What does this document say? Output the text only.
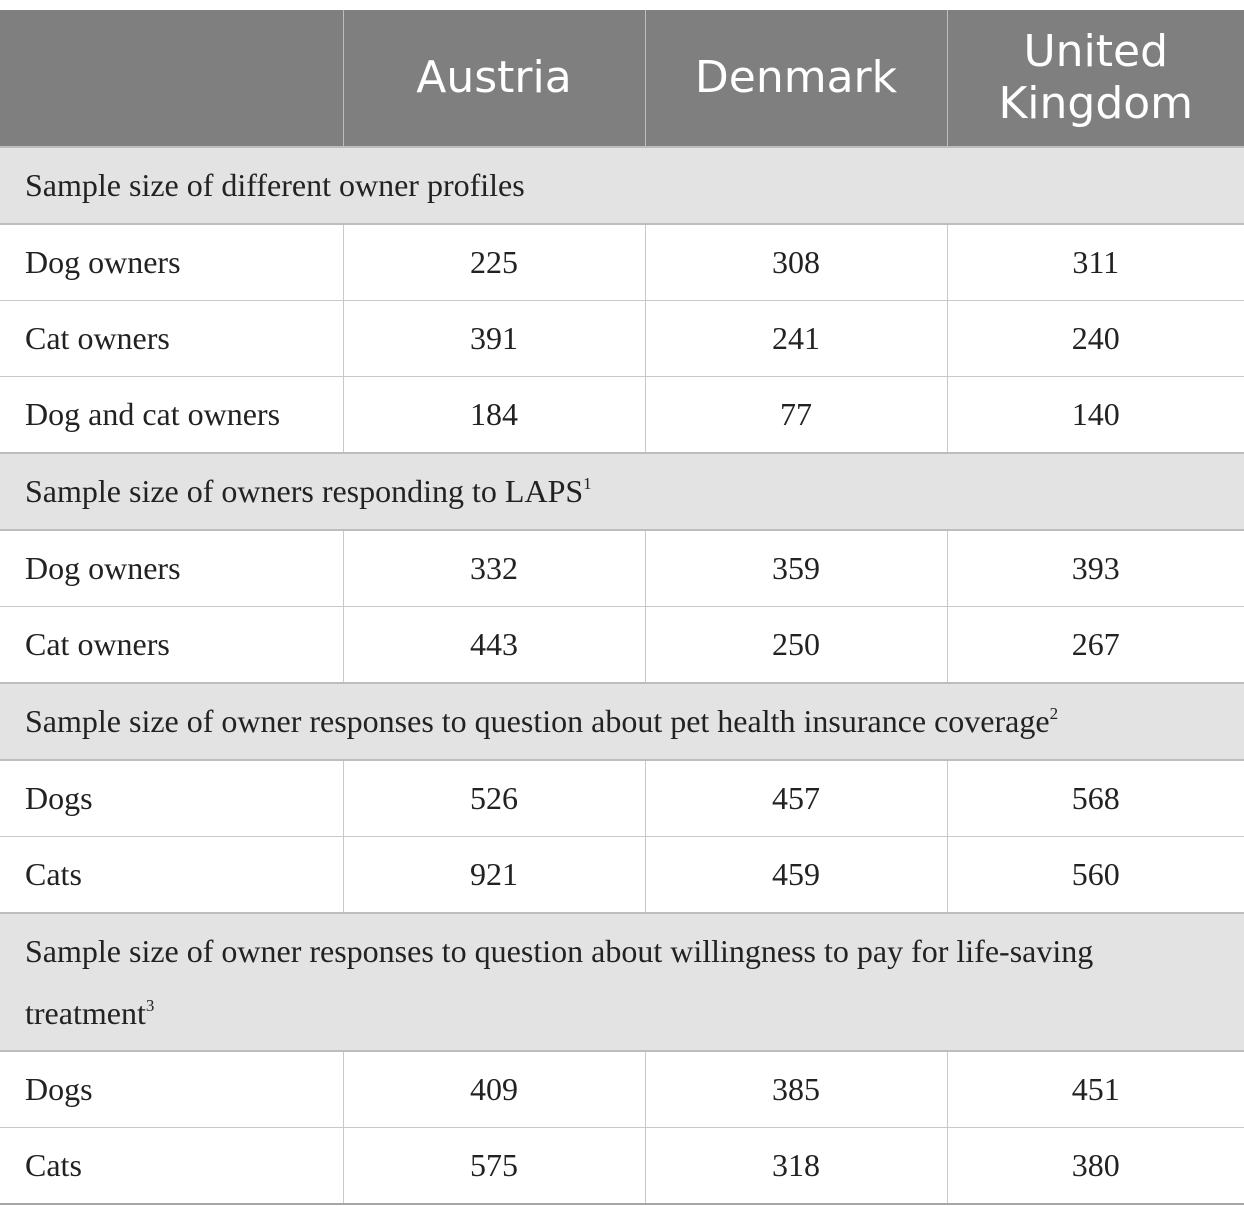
	Austria	Denmark	United Kingdom
Sample size of different owner profiles			
Dog owners	225	308	311
Cat owners	391	241	240
Dog and cat owners	184	77	140
Sample size of owners responding to LAPS$^1$
Dog owners	332	359	393
Cat owners	443	250	267
Sample size of owner responses to question about pet health insurance coverage$^2$
Dogs	526	457	568
Cats	921	459	560
Sample size of owner responses to question about willingness to pay for life-saving treatment$^3$
Dogs	409	385	451
Cats	575	318	380
